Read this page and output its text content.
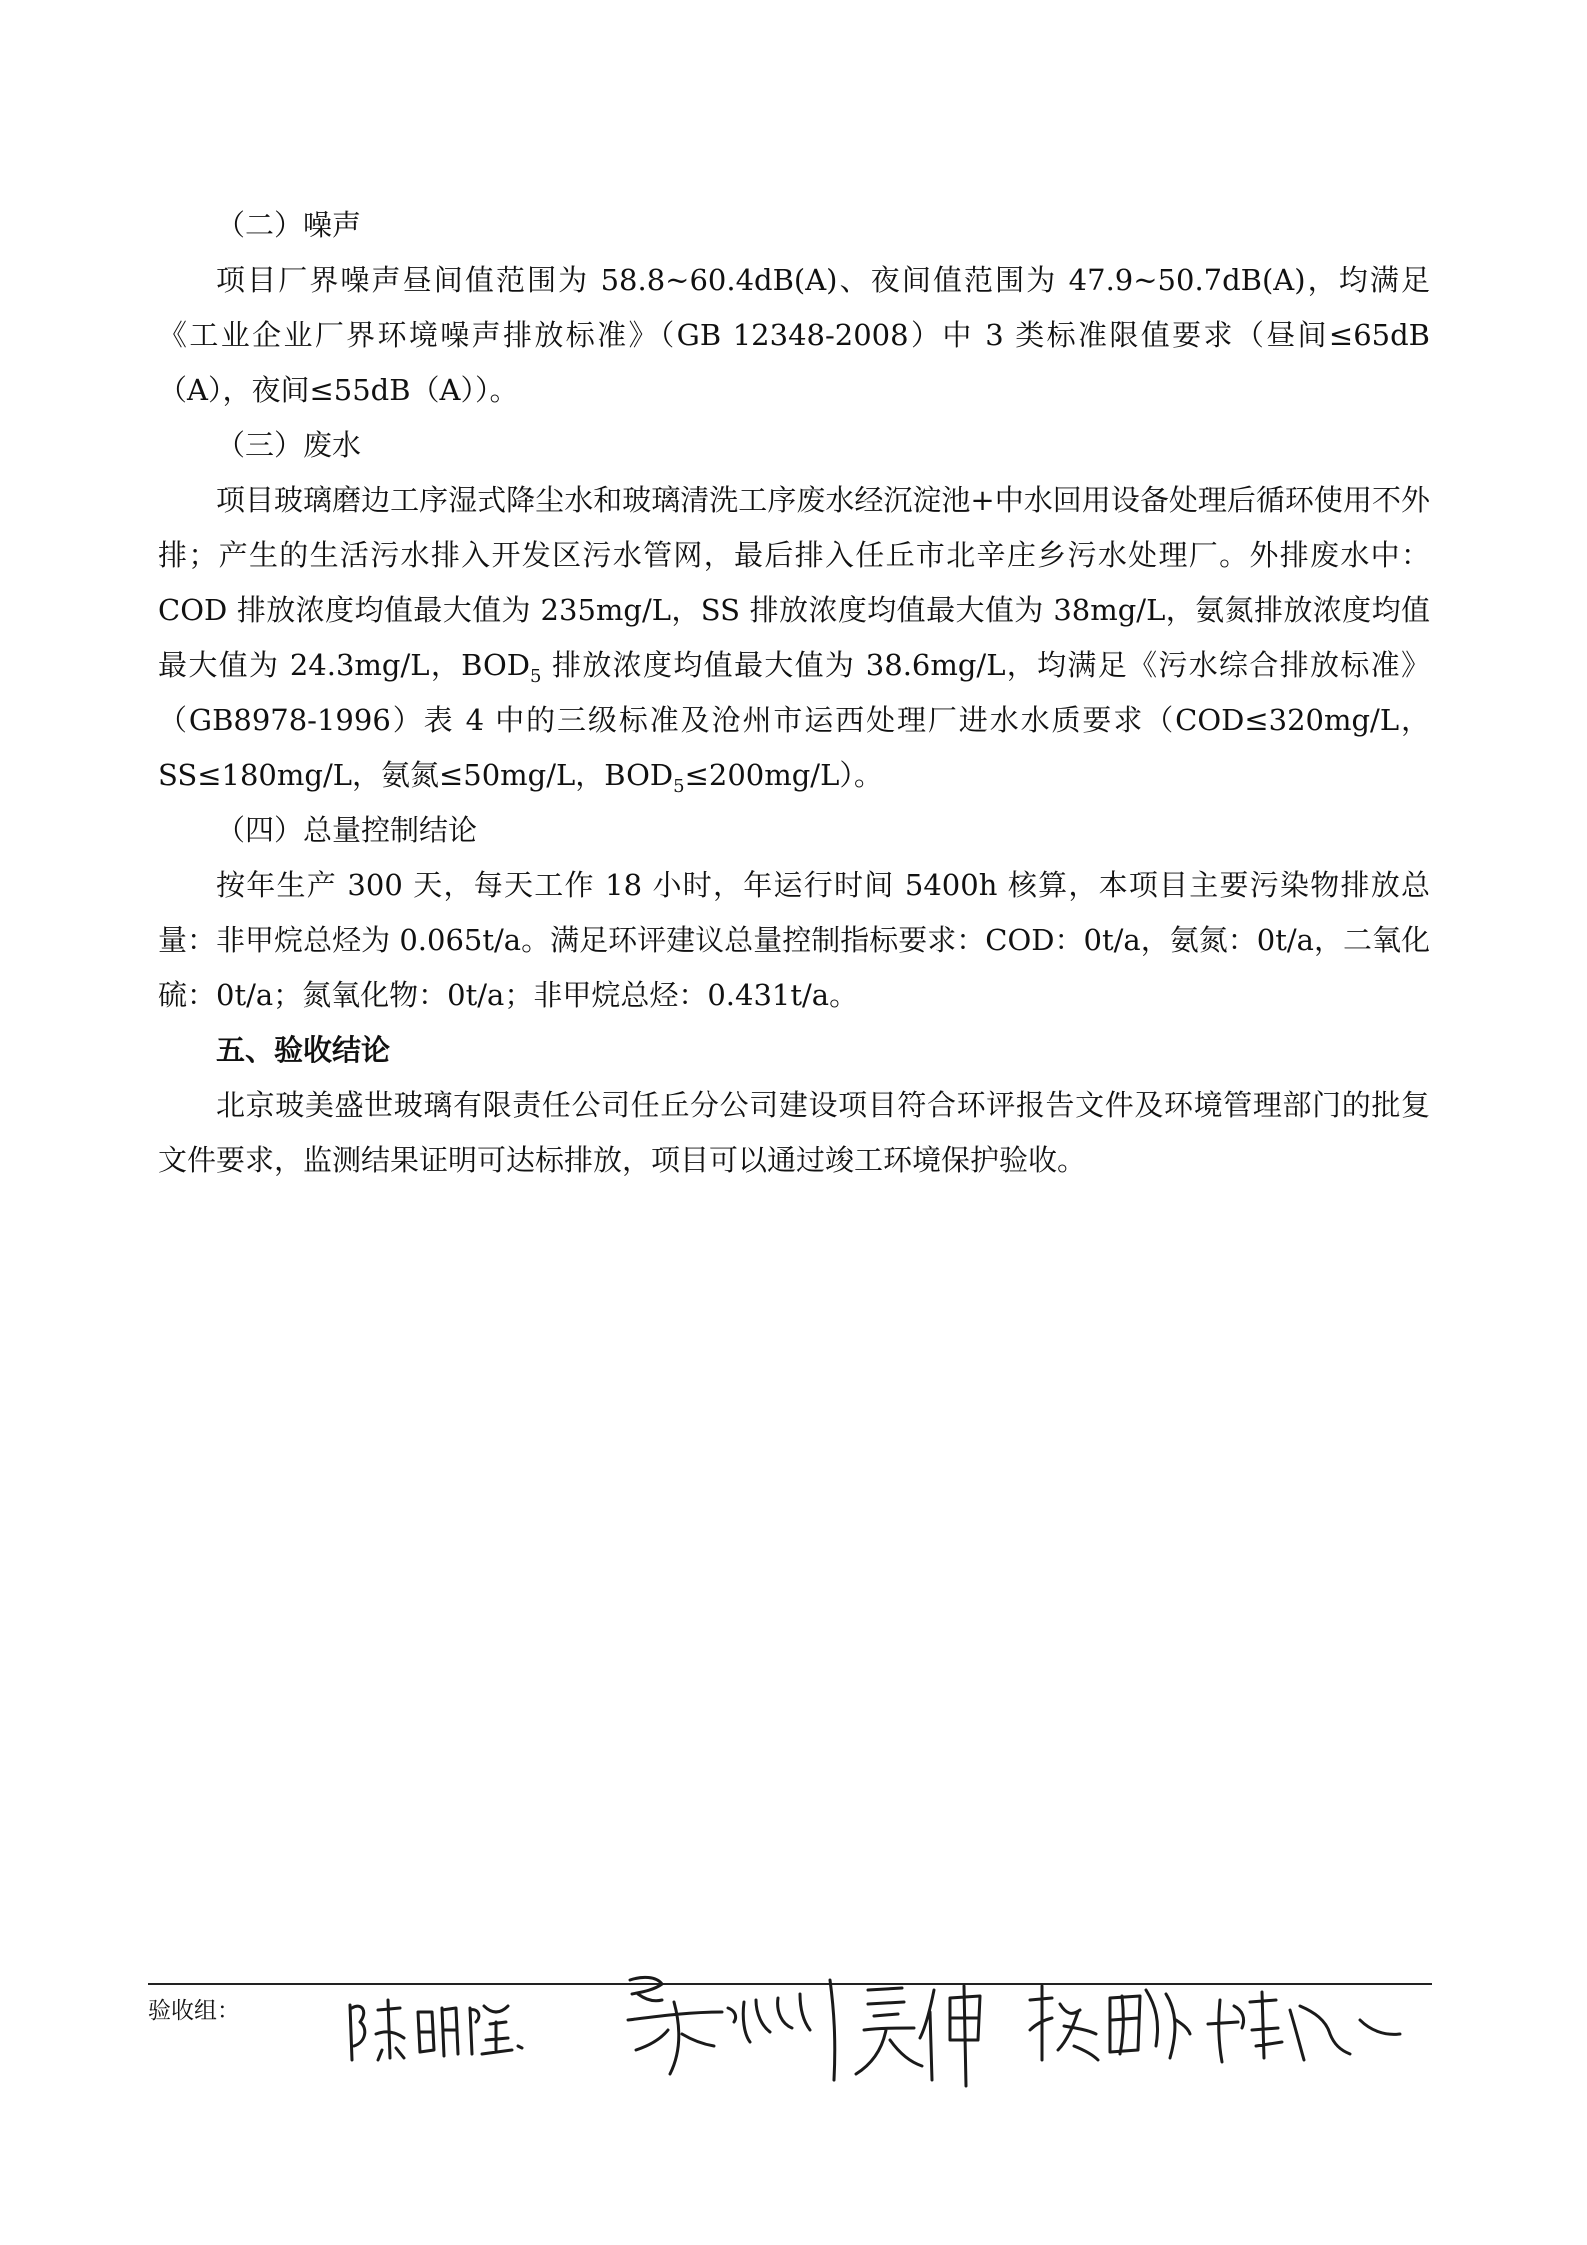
（二）噪声

项目厂界噪声昼间值范围为 58.8~60.4dB(A)、夜间值范围为 47.9~50.7dB(A)，均满足《工业企业厂界环境噪声排放标准》（GB 12348-2008）中 3 类标准限值要求（昼间≤65dB（A），夜间≤55dB（A））。

（三）废水

项目玻璃磨边工序湿式降尘水和玻璃清洗工序废水经沉淀池+中水回用设备处理后循环使用不外排；产生的生活污水排入开发区污水管网，最后排入任丘市北辛庄乡污水处理厂。外排废水中：COD 排放浓度均值最大值为 235mg/L，SS 排放浓度均值最大值为 38mg/L，氨氮排放浓度均值最大值为 24.3mg/L，$BOD_5$ 排放浓度均值最大值为 38.6mg/L，均满足《污水综合排放标准》（GB8978-1996）表 4 中的三级标准及沧州市运西处理厂进水水质要求（COD≤320mg/L，SS≤180mg/L，氨氮≤50mg/L，$BOD_5\le 200mg/L$）。

（四）总量控制结论

按年生产 300 天，每天工作 18 小时，年运行时间 5400h 核算，本项目主要污染物排放总量：非甲烷总烃为 0.065t/a。满足环评建议总量控制指标要求：COD：0t/a，氨氮：0t/a，二氧化硫：0t/a；氮氧化物：0t/a；非甲烷总烃：0.431t/a。

五、验收结论

北京玻美盛世玻璃有限责任公司任丘分公司建设项目符合环评报告文件及环境管理部门的批复文件要求，监测结果证明可达标排放，项目可以通过竣工环境保护验收。

验收组：
